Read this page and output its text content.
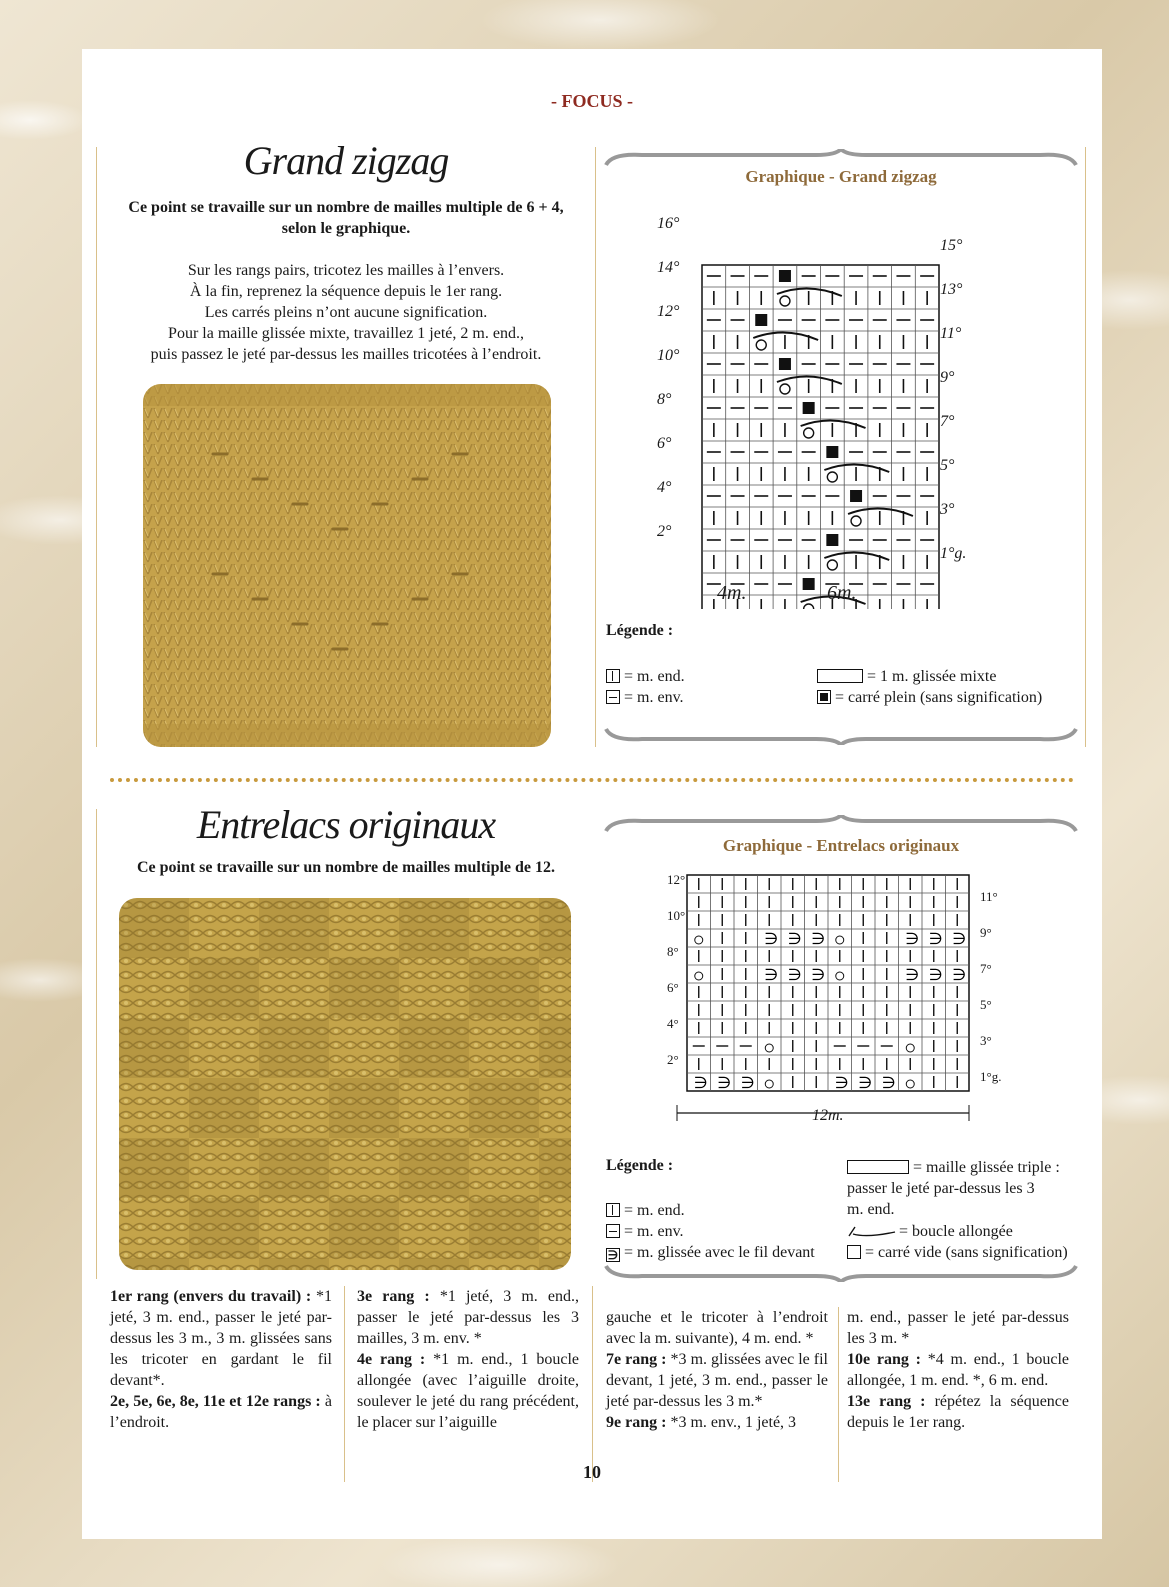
- FOCUS -
Grand zigzag
Ce point se travaille sur un nombre de mailles multiple de 6 + 4, selon le graphique.
Sur les rangs pairs, tricotez les mailles à l’envers.
À la fin, reprenez la séquence depuis le 1er rang.
Les carrés pleins n’ont aucune signification.
Pour la maille glissée mixte, travaillez 1 jeté, 2 m. end.,
puis passez le jeté par-dessus les mailles tricotées à l’endroit.
Graphique - Grand zigzag
16°
14°
12°
10°
8°
6°
4°
2°
15°
13°
11°
9°
7°
5°
3°
1°g.
4m.	6m.
Légende :
= m. end.
= m. env.
= 1 m. glissée mixte
= carré plein (sans signification)
Entrelacs originaux
Ce point se travaille sur un nombre de mailles multiple de 12.
Graphique - Entrelacs originaux
∋ ∋ ∋	∋ ∋ ∋
∋ ∋ ∋	∋ ∋ ∋
∋ ∋ ∋	∋ ∋ ∋
12°
10°
8°
6°
4°
2°
11°
9°
7°
5°
3°
1°g.
12m.
Légende :
= m. end.
= m. env.
∋ = m. glissée avec le fil devant
= maille glissée triple :
passer le jeté par-dessus les 3
m. end.
= boucle allongée
= carré vide (sans signification)
1er rang (envers du travail) : *1 jeté, 3 m. end., passer le jeté par-dessus les 3 m., 3 m. glissées sans les tricoter en gardant le fil devant*.
2e, 5e, 6e, 8e, 11e et 12e rangs : à l’endroit.
3e rang : *1 jeté, 3 m. end., passer le jeté par-dessus les 3 mailles, 3 m. env. *
4e rang : *1 m. end., 1 boucle allongée (avec l’aiguille droite, soulever le jeté du rang précédent, le placer sur l’aiguille
gauche et le tricoter à l’endroit avec la m. suivante), 4 m. end. *
7e rang : *3 m. glissées avec le fil devant, 1 jeté, 3 m. end., passer le jeté par-dessus les 3 m.*
9e rang : *3 m. env., 1 jeté, 3
m. end., passer le jeté par-dessus les 3 m. *
10e rang : *4 m. end., 1 boucle allongée, 1 m. end. *, 6 m. end.
13e rang : répétez la séquence depuis le 1er rang.
10
